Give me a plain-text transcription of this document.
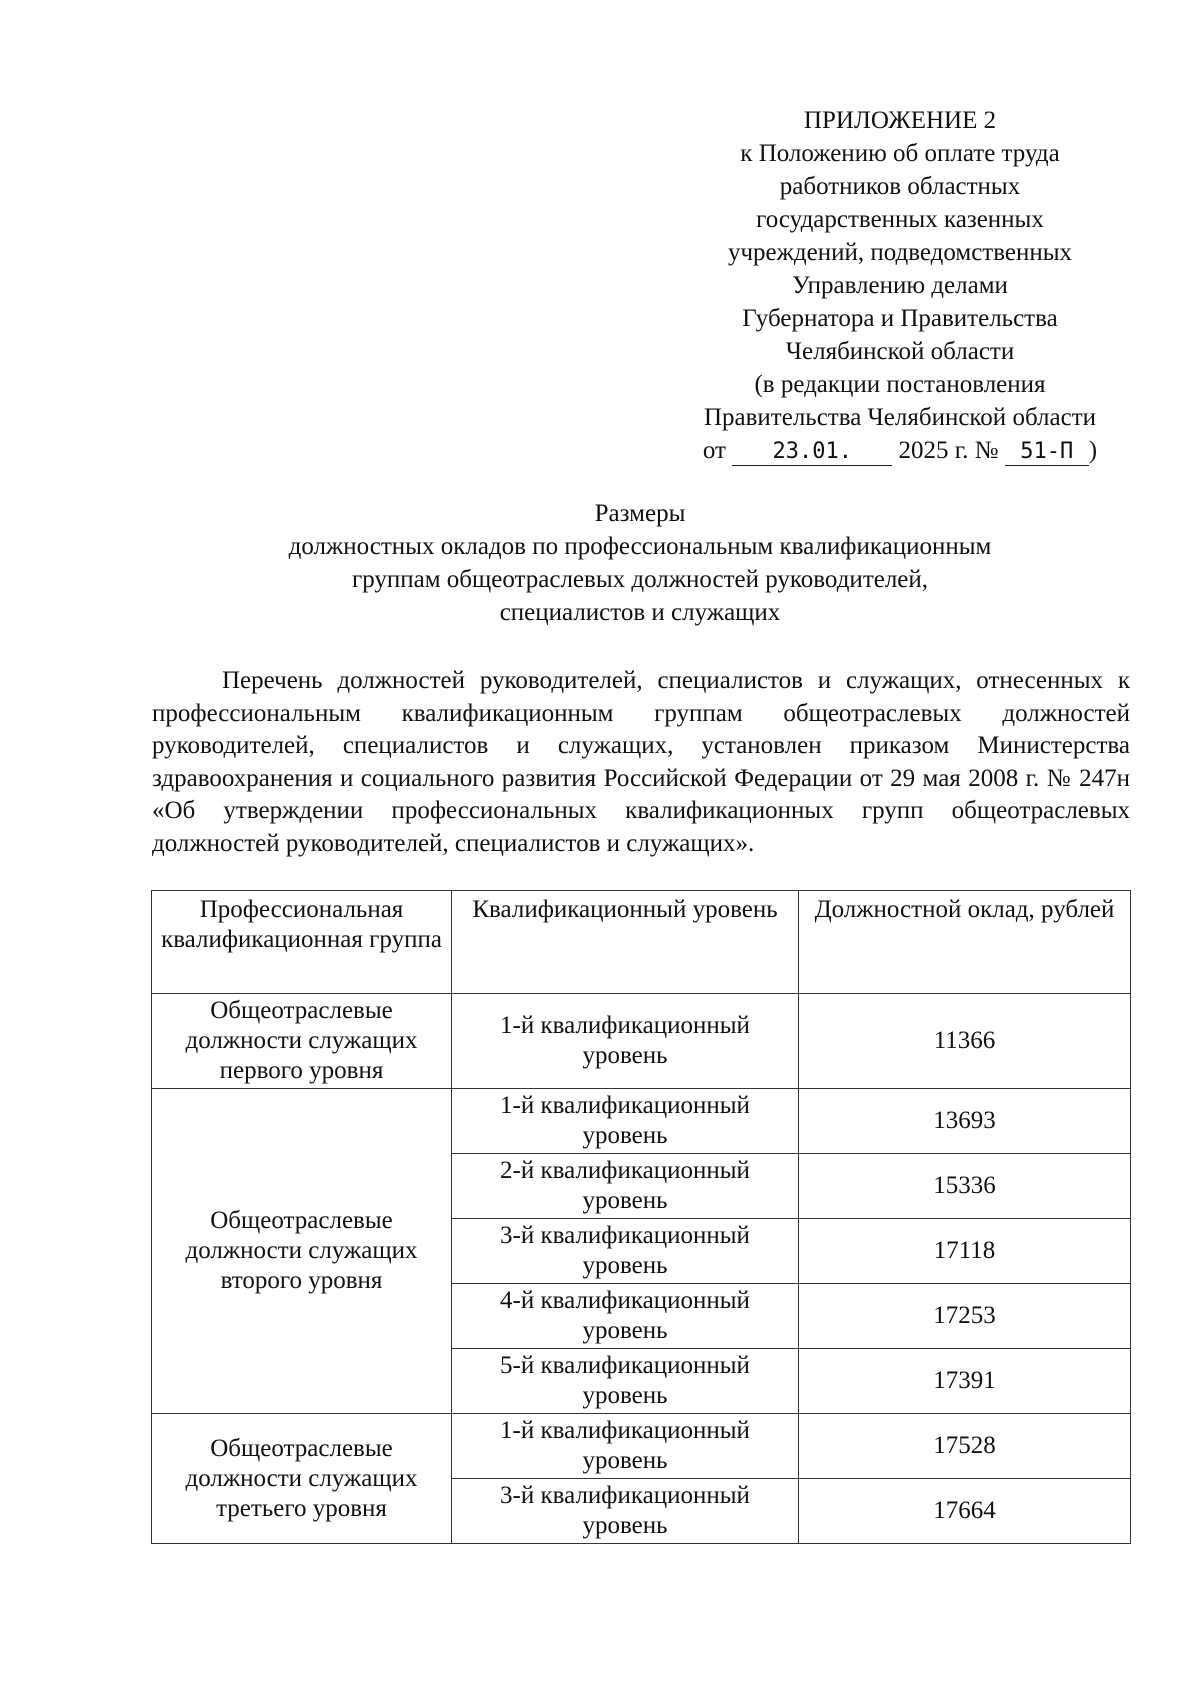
ПРИЛОЖЕНИЕ 2
к Положению об оплате труда
работников областных
государственных казенных
учреждений, подведомственных
Управлению делами
Губернатора и Правительства
Челябинской области
(в редакции постановления
Правительства Челябинской области
от 23.01. 2025 г. № 51-П )
Размеры
должностных окладов по профессиональным квалификационным
группам общеотраслевых должностей руководителей,
специалистов и служащих
Перечень должностей руководителей, специалистов и служащих, отнесенных к профессиональным квалификационным группам общеотраслевых должностей руководителей, специалистов и служащих, установлен приказом Министерства здравоохранения и социального развития Российской Федерации от 29 мая 2008 г. № 247н «Об утверждении профессиональных квалификационных групп общеотраслевых должностей руководителей, специалистов и служащих».
Профессиональная квалификационная группа	Квалификационный уровень	Должностной оклад, рублей
Общеотраслевые должности служащих первого уровня	1-й квалификационный уровень	11366
Общеотраслевые должности служащих второго уровня	1-й квалификационный уровень	13693
	2-й квалификационный уровень	15336
	3-й квалификационный уровень	17118
	4-й квалификационный уровень	17253
	5-й квалификационный уровень	17391
Общеотраслевые должности служащих третьего уровня	1-й квалификационный уровень	17528
	3-й квалификационный уровень	17664
